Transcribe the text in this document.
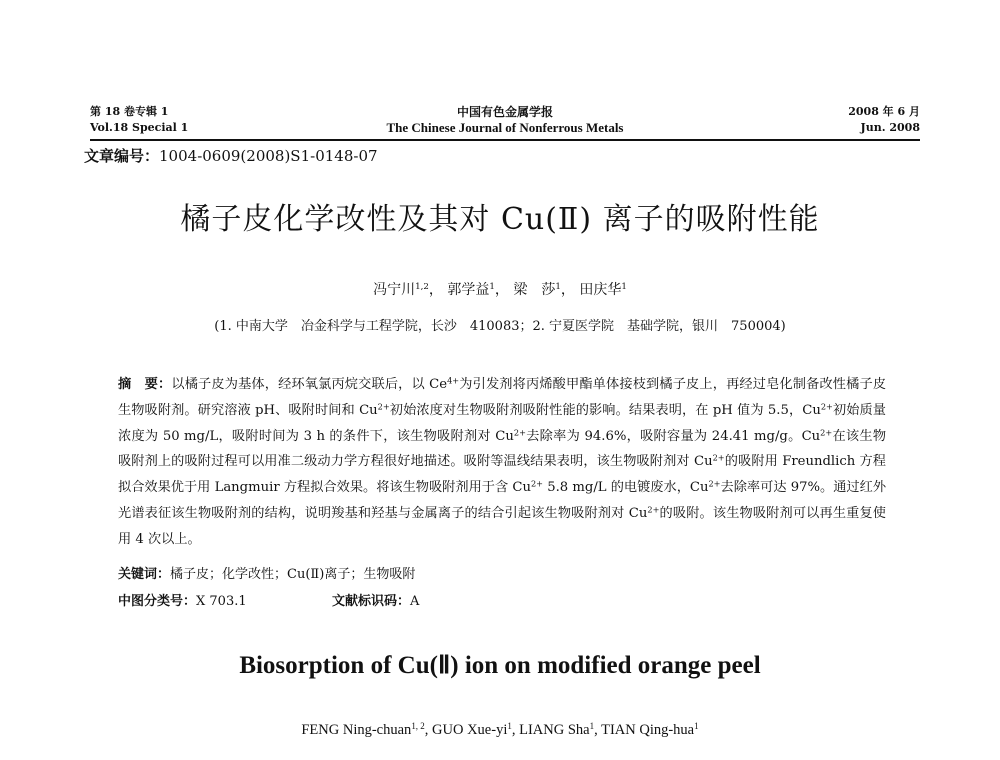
第 18 卷专辑 1
Vol.18 Special 1
中国有色金属学报
The Chinese Journal of Nonferrous Metals
2008 年 6 月
Jun. 2008
文章编号：1004-0609(2008)S1-0148-07
橘子皮化学改性及其对 Cu(Ⅱ) 离子的吸附性能
冯宁川$^{1,2}$， 郭学益$^1$， 梁　莎$^1$， 田庆华$^1$
(1. 中南大学　冶金科学与工程学院，长沙　410083；2. 宁夏医学院　基础学院，银川　750004)
摘　要：以橘子皮为基体，经环氧氯丙烷交联后，以 $Ce^{4+}$为引发剂将丙烯酸甲酯单体接枝到橘子皮上，再经过皂化制备改性橘子皮生物吸附剂。研究溶液 pH、吸附时间和 $Cu^{2+}$初始浓度对生物吸附剂吸附性能的影响。结果表明，在 pH 值为 5.5，$Cu^{2+}$初始质量浓度为 50 mg/L，吸附时间为 3 h 的条件下，该生物吸附剂对 $Cu^{2+}$去除率为 94.6%，吸附容量为 24.41 mg/g。$Cu^{2+}$在该生物吸附剂上的吸附过程可以用准二级动力学方程很好地描述。吸附等温线结果表明，该生物吸附剂对 $Cu^{2+}$的吸附用 Freundlich 方程拟合效果优于用 Langmuir 方程拟合效果。将该生物吸附剂用于含 $Cu^{2+}$ 5.8 mg/L 的电镀废水，$Cu^{2+}$去除率可达 97%。通过红外光谱表征该生物吸附剂的结构，说明羧基和羟基与金属离子的结合引起该生物吸附剂对 $Cu^{2+}$的吸附。该生物吸附剂可以再生重复使用 4 次以上。
关键词：橘子皮；化学改性；Cu(Ⅱ)离子；生物吸附
中图分类号：X 703.1	文献标识码：A
Biosorption of Cu(Ⅱ) ion on modified orange peel
FENG Ning-chuan$^{1, 2}$, GUO Xue-$yi^1$, LIANG Sha$^1$, TIAN Qing-hua$^1$
